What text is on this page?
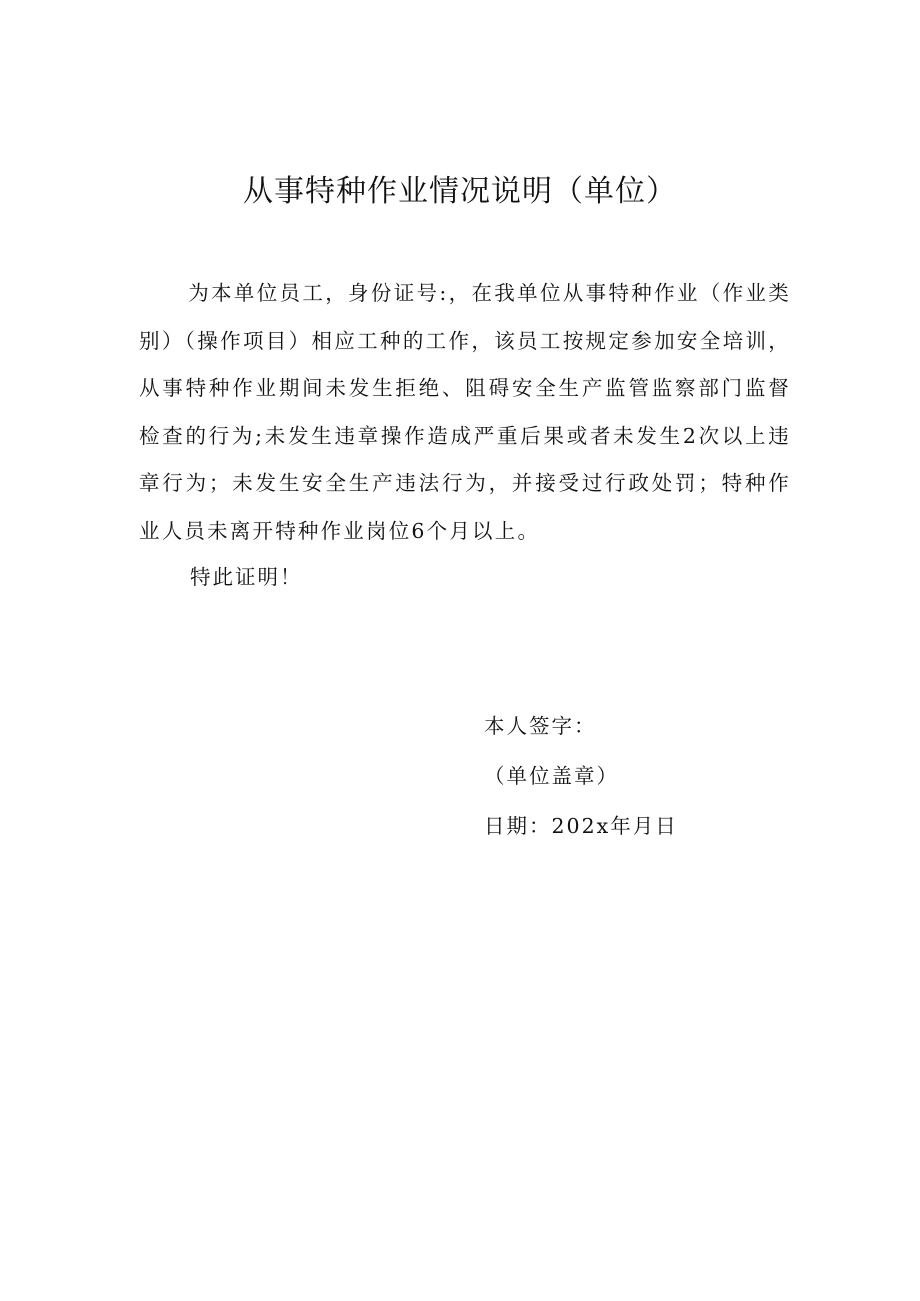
从事特种作业情况说明（单位）

为本单位员工，身份证号:，在我单位从事特种作业（作业类别）（操作项目）相应工种的工作，该员工按规定参加安全培训，从事特种作业期间未发生拒绝、阻碍安全生产监管监察部门监督检查的行为;未发生违章操作造成严重后果或者未发生2次以上违章行为；未发生安全生产违法行为，并接受过行政处罚；特种作业人员未离开特种作业岗位6个月以上。

特此证明！

本人签字：
（单位盖章）
日期：202x年月日
